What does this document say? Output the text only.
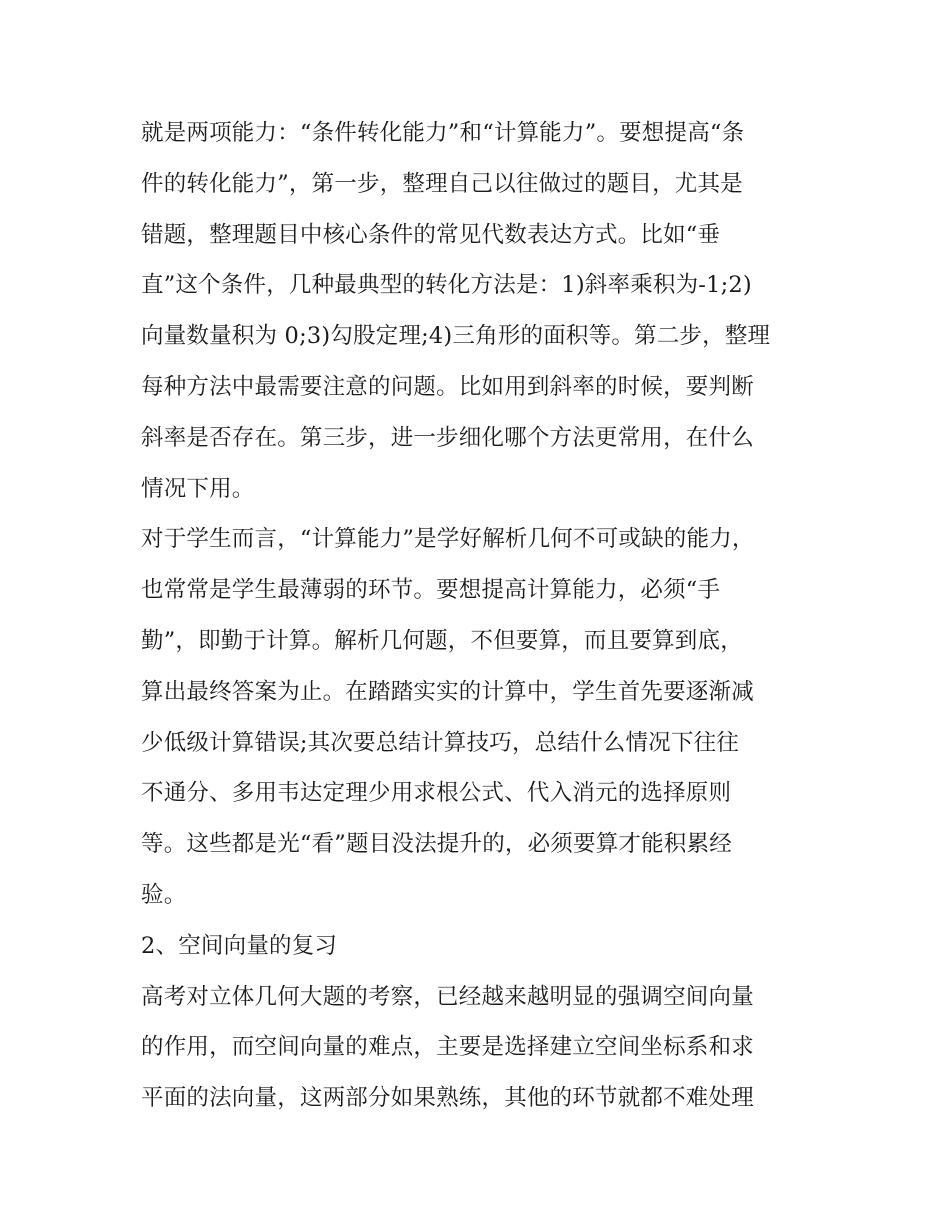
就是两项能力：“条件转化能力”和“计算能力”。要想提高“条
件的转化能力”，第一步，整理自己以往做过的题目，尤其是
错题，整理题目中核心条件的常见代数表达方式。比如“垂
直”这个条件，几种最典型的转化方法是：1)斜率乘积为-1;2)
向量数量积为 0;3)勾股定理;4)三角形的面积等。第二步，整理
每种方法中最需要注意的问题。比如用到斜率的时候，要判断
斜率是否存在。第三步，进一步细化哪个方法更常用，在什么
情况下用。
对于学生而言，“计算能力”是学好解析几何不可或缺的能力，
也常常是学生最薄弱的环节。要想提高计算能力，必须“手
勤”，即勤于计算。解析几何题，不但要算，而且要算到底，
算出最终答案为止。在踏踏实实的计算中，学生首先要逐渐减
少低级计算错误;其次要总结计算技巧，总结什么情况下往往
不通分、多用韦达定理少用求根公式、代入消元的选择原则
等。这些都是光“看”题目没法提升的，必须要算才能积累经
验。
2、空间向量的复习
高考对立体几何大题的考察，已经越来越明显的强调空间向量
的作用，而空间向量的难点，主要是选择建立空间坐标系和求
平面的法向量，这两部分如果熟练，其他的环节就都不难处理
